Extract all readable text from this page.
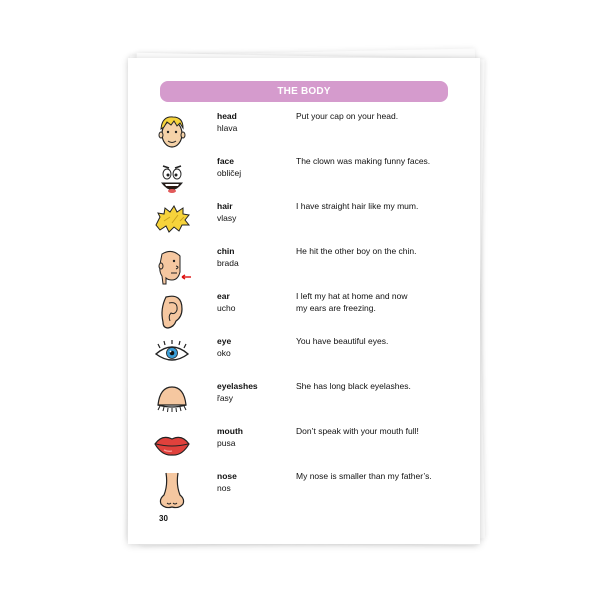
THE BODY
head
hlava
Put your cap on your head.
face
obličej
The clown was making funny faces.
hair
vlasy
I have straight hair like my mum.
chin
brada
He hit the other boy on the chin.
ear
ucho
I left my hat at home and now
my ears are freezing.
eye
oko
You have beautiful eyes.
eyelashes
řasy
She has long black eyelashes.
mouth
pusa
Don’t speak with your mouth full!
nose
nos
My nose is smaller than my father’s.
30
